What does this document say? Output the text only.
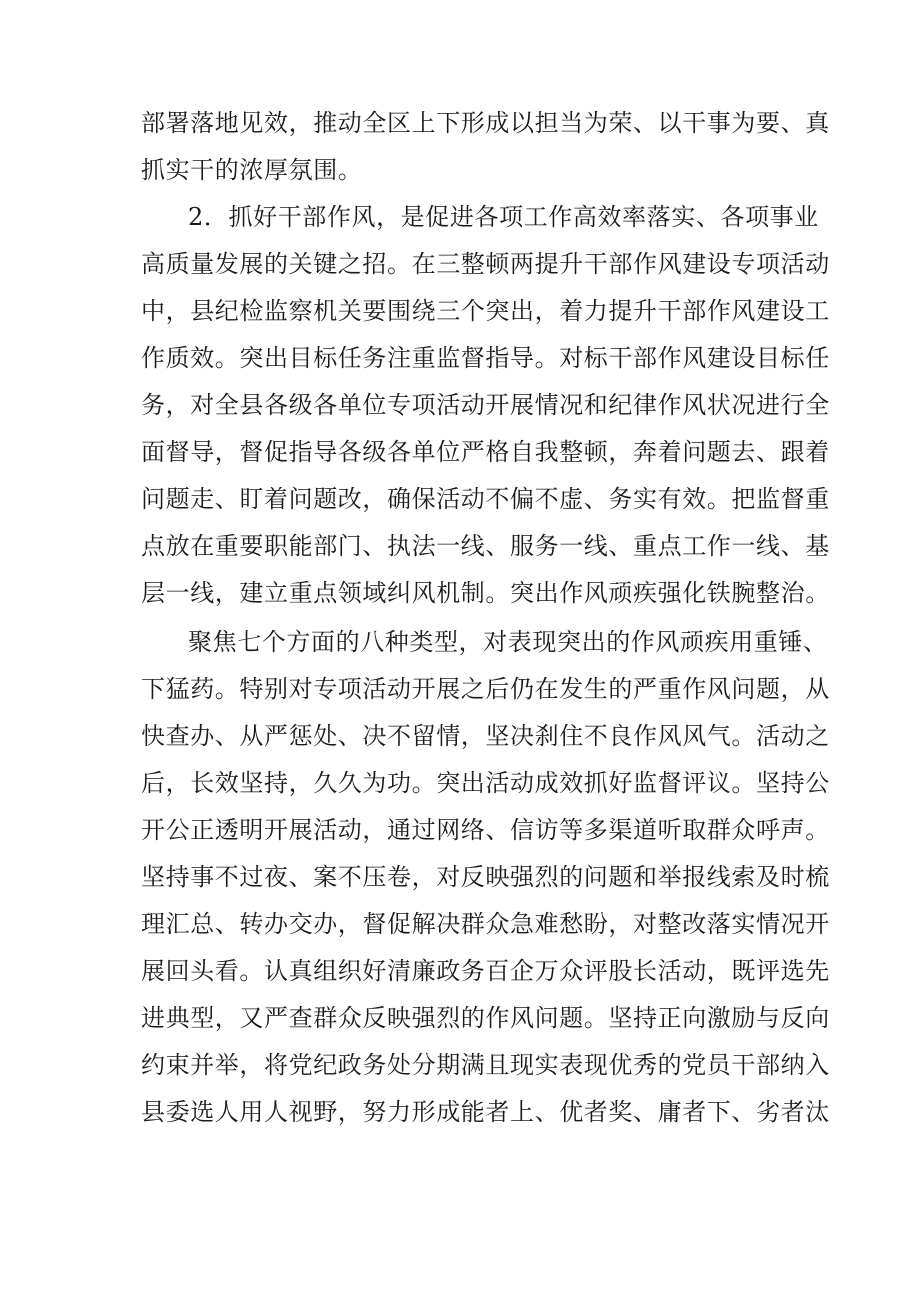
部署落地见效，推动全区上下形成以担当为荣、以干事为要、真
抓实干的浓厚氛围。
2．抓好干部作风，是促进各项工作高效率落实、各项事业
高质量发展的关键之招。在三整顿两提升干部作风建设专项活动
中，县纪检监察机关要围绕三个突出，着力提升干部作风建设工
作质效。突出目标任务注重监督指导。对标干部作风建设目标任
务，对全县各级各单位专项活动开展情况和纪律作风状况进行全
面督导，督促指导各级各单位严格自我整顿，奔着问题去、跟着
问题走、盯着问题改，确保活动不偏不虚、务实有效。把监督重
点放在重要职能部门、执法一线、服务一线、重点工作一线、基
层一线，建立重点领域纠风机制。突出作风顽疾强化铁腕整治。
聚焦七个方面的八种类型，对表现突出的作风顽疾用重锤、
下猛药。特别对专项活动开展之后仍在发生的严重作风问题，从
快查办、从严惩处、决不留情，坚决刹住不良作风风气。活动之
后，长效坚持，久久为功。突出活动成效抓好监督评议。坚持公
开公正透明开展活动，通过网络、信访等多渠道听取群众呼声。
坚持事不过夜、案不压卷，对反映强烈的问题和举报线索及时梳
理汇总、转办交办，督促解决群众急难愁盼，对整改落实情况开
展回头看。认真组织好清廉政务百企万众评股长活动，既评选先
进典型，又严查群众反映强烈的作风问题。坚持正向激励与反向
约束并举，将党纪政务处分期满且现实表现优秀的党员干部纳入
县委选人用人视野，努力形成能者上、优者奖、庸者下、劣者汰
